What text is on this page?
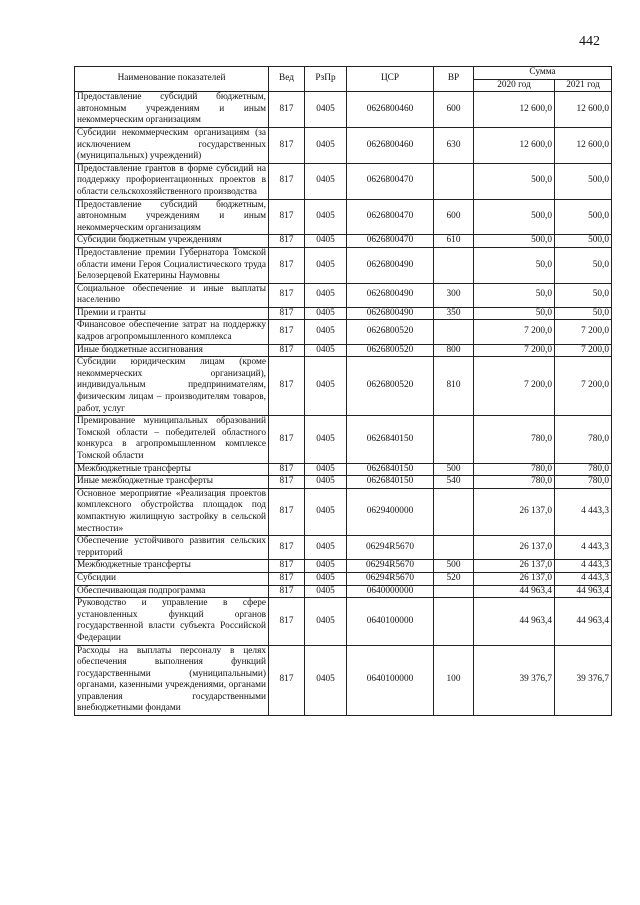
442
Наименование показателей	Вед	РзПр	ЦСР	ВР	Сумма	
					2020 год	2021 год
Предоставление субсидий бюджетным, автономным учреждениям и иным некоммерческим организациям	817	0405	0626800460	600	12 600,0	12 600,0
Субсидии некоммерческим организациям (за исключением государственных (муниципальных) учреждений)	817	0405	0626800460	630	12 600,0	12 600,0
Предоставление грантов в форме субсидий на поддержку профориентационных проектов в области сельскохозяйственного производства	817	0405	0626800470		500,0	500,0
Предоставление субсидий бюджетным, автономным учреждениям и иным некоммерческим организациям	817	0405	0626800470	600	500,0	500,0
Субсидии бюджетным учреждениям	817	0405	0626800470	610	500,0	500,0
Предоставление премии Губернатора Томской области имени Героя Социалистического труда Белозерцевой Екатерины Наумовны	817	0405	0626800490		50,0	50,0
Социальное обеспечение и иные выплаты населению	817	0405	0626800490	300	50,0	50,0
Премии и гранты	817	0405	0626800490	350	50,0	50,0
Финансовое обеспечение затрат на поддержку кадров агропромышленного комплекса	817	0405	0626800520		7 200,0	7 200,0
Иные бюджетные ассигнования	817	0405	0626800520	800	7 200,0	7 200,0
Субсидии юридическим лицам (кроме некоммерческих организаций), индивидуальным предпринимателям, физическим лицам – производителям товаров, работ, услуг	817	0405	0626800520	810	7 200,0	7 200,0
Премирование муниципальных образований Томской области – победителей областного конкурса в агропромышленном комплексе Томской области	817	0405	0626840150		780,0	780,0
Межбюджетные трансферты	817	0405	0626840150	500	780,0	780,0
Иные межбюджетные трансферты	817	0405	0626840150	540	780,0	780,0
Основное мероприятие «Реализация проектов комплексного обустройства площадок под компактную жилищную застройку в сельской местности»	817	0405	0629400000		26 137,0	4 443,3
Обеспечение устойчивого развития сельских территорий	817	0405	06294R5670		26 137,0	4 443,3
Межбюджетные трансферты	817	0405	06294R5670	500	26 137,0	4 443,3
Субсидии	817	0405	06294R5670	520	26 137,0	4 443,3
Обеспечивающая подпрограмма	817	0405	0640000000		44 963,4	44 963,4
Руководство и управление в сфере установленных функций органов государственной власти субъекта Российской Федерации	817	0405	0640100000		44 963,4	44 963,4
Расходы на выплаты персоналу в целях обеспечения выполнения функций государственными (муниципальными) органами, казенными учреждениями, органами управления государственными внебюджетными фондами	817	0405	0640100000	100	39 376,7	39 376,7
